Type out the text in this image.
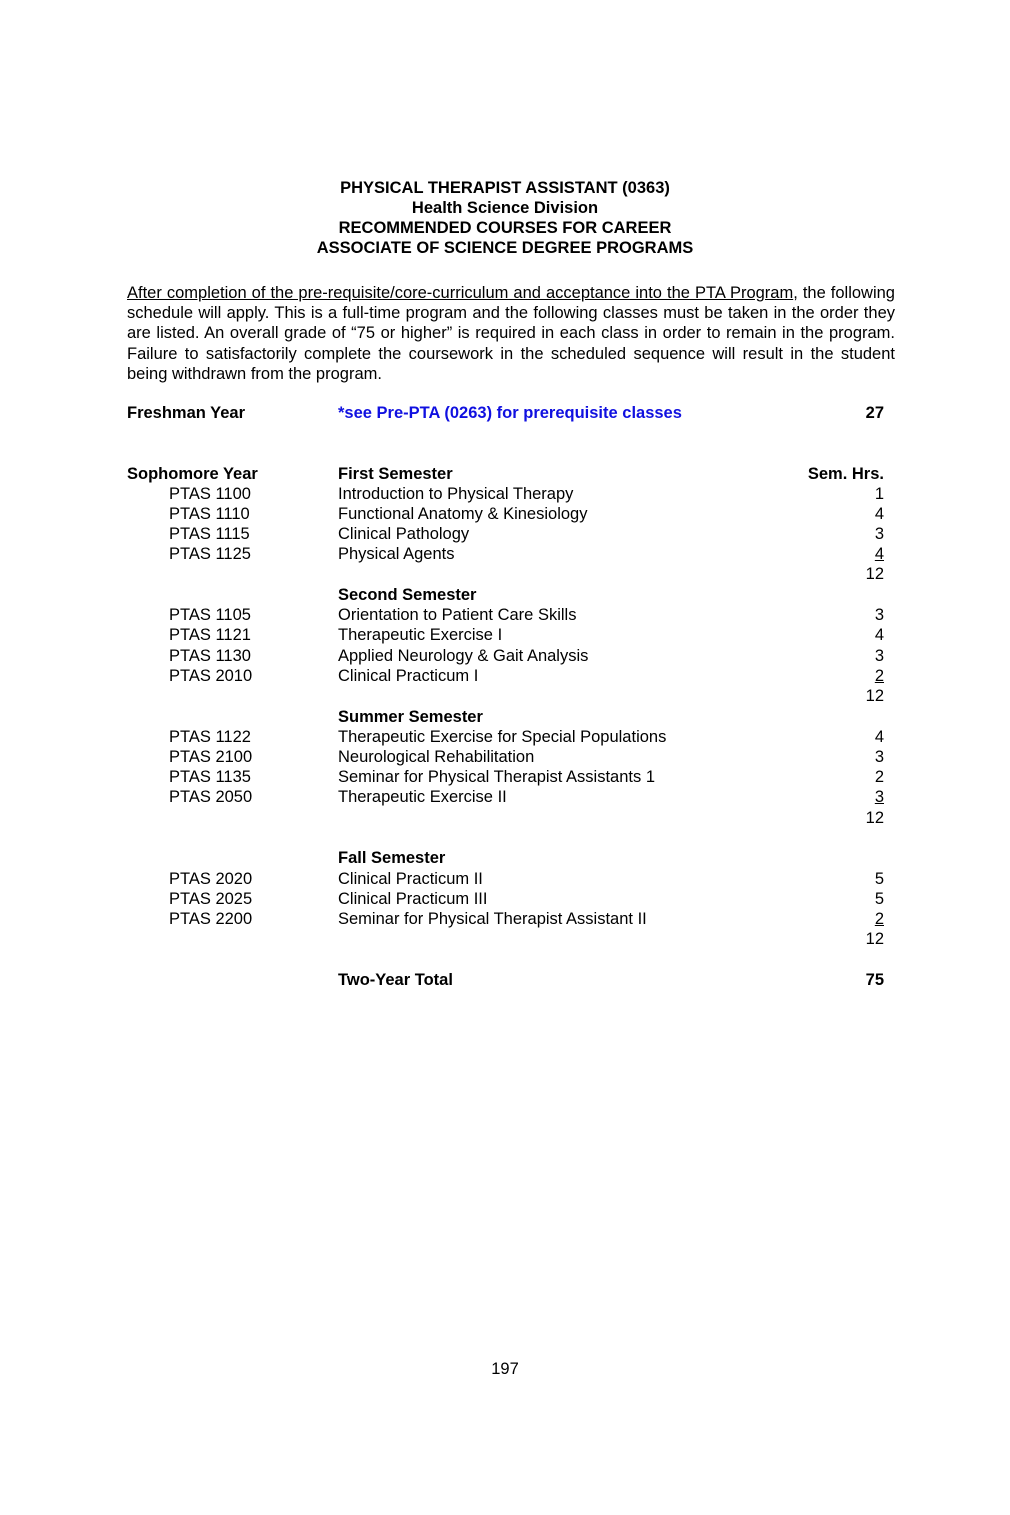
PHYSICAL THERAPIST ASSISTANT (0363)
Health Science Division
RECOMMENDED COURSES FOR CAREER
ASSOCIATE OF SCIENCE DEGREE PROGRAMS
After completion of the pre-requisite/core-curriculum and acceptance into the PTA Program, the following schedule will apply. This is a full-time program and the following classes must be taken in the order they are listed. An overall grade of “75 or higher” is required in each class in order to remain in the program. Failure to satisfactorily complete the coursework in the scheduled sequence will result in the student being withdrawn from the program.
Freshman Year	*see Pre-PTA (0263) for prerequisite classes	27
Sophomore Year	First Semester	Sem. Hrs.
PTAS 1100	Introduction to Physical Therapy	1
PTAS 1110	Functional Anatomy & Kinesiology	4
PTAS 1115	Clinical Pathology	3
PTAS 1125	Physical Agents	4
12
Second Semester
PTAS 1105	Orientation to Patient Care Skills	3
PTAS 1121	Therapeutic Exercise I	4
PTAS 1130	Applied Neurology & Gait Analysis	3
PTAS 2010	Clinical Practicum I	2
12
Summer Semester
PTAS 1122	Therapeutic Exercise for Special Populations	4
PTAS 2100	Neurological Rehabilitation	3
PTAS 1135	Seminar for Physical Therapist Assistants 1	2
PTAS 2050	Therapeutic Exercise II	3
12
Fall Semester
PTAS 2020	Clinical Practicum II	5
PTAS 2025	Clinical Practicum III	5
PTAS 2200	Seminar for Physical Therapist Assistant II	2
12
Two-Year Total	75
197
